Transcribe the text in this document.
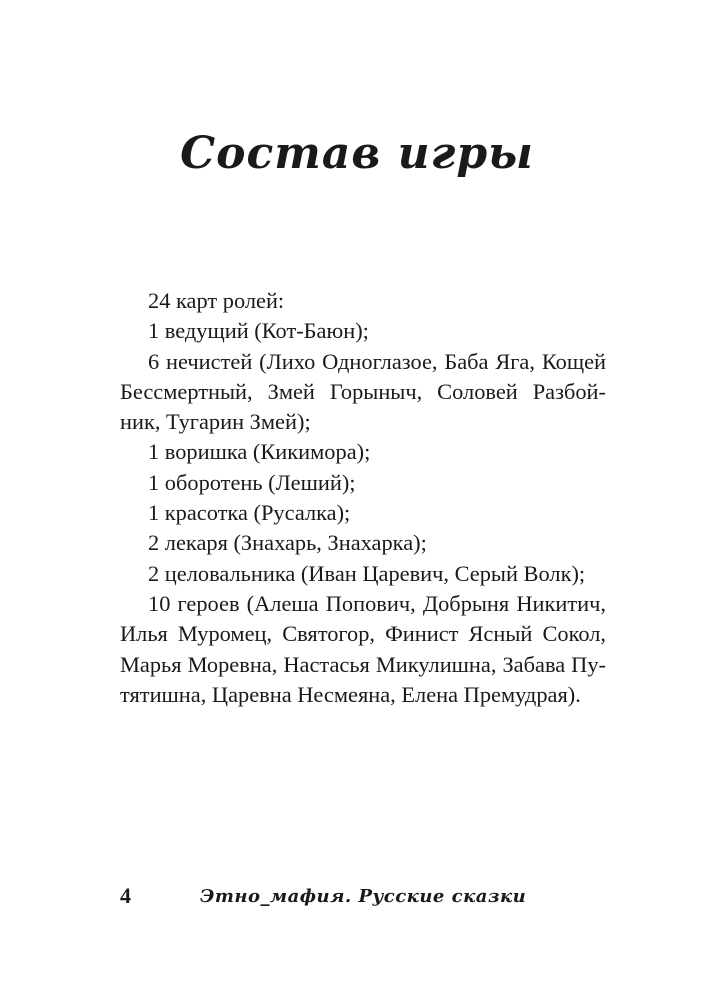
Состав игры

24 карт ролей:

1 ведущий (Кот-Баюн);

6 нечистей (Лихо Одноглазое, Баба Яга, Кощей Бессмертный, Змей Горыныч, Соловей Разбой-ник, Тугарин Змей);

1 воришка (Кикимора);

1 оборотень (Леший);

1 красотка (Русалка);

2 лекаря (Знахарь, Знахарка);

2 целовальника (Иван Царевич, Серый Волк);

10 героев (Алеша Попович, Добрыня Никитич, Илья Муромец, Святогор, Финист Ясный Сокол, Марья Моревна, Настасья Микулишна, Забава Пу-тятишна, Царевна Несмеяна, Елена Премудрая).

4	Этно_мафия. Русские сказки
